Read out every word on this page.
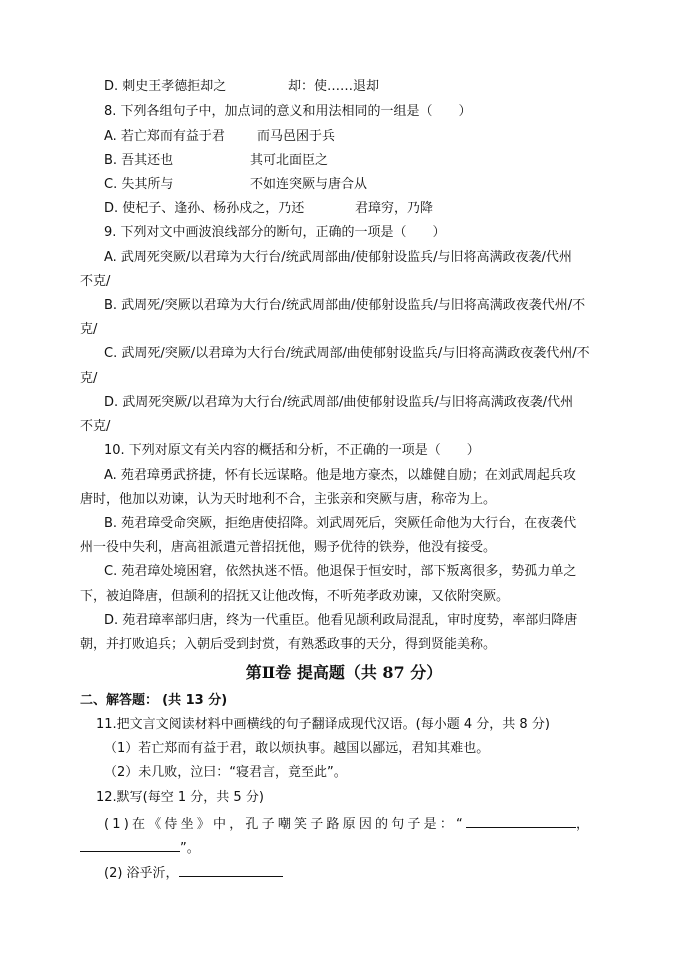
D. 刺史王孝德拒却之	却：使……退却
8. 下列各组句子中，加点词的意义和用法相同的一组是（　　）
A. 若亡郑而有益于君 而马邑困于兵
B. 吾其还也	其可北面臣之
C. 失其所与	不如连突厥与唐合从
D. 使杞子、逢孙、杨孙戍之，乃还	君璋穷，乃降
9. 下列对文中画波浪线部分的断句，正确的一项是（　　）
A. 武周死突厥/以君璋为大行台/统武周部曲/使郁射设监兵/与旧将高满政夜袭/代州
不克/
B. 武周死/突厥以君璋为大行台/统武周部曲/使郁射设监兵/与旧将高满政夜袭代州/不
克/
C. 武周死/突厥/以君璋为大行台/统武周部/曲使郁射设监兵/与旧将高满政夜袭代州/不
克/
D. 武周死突厥/以君璋为大行台/统武周部/曲使郁射设监兵/与旧将高满政夜袭/代州
不克/
10. 下列对原文有关内容的概括和分析，不正确的一项是（　　）
A. 苑君璋勇武挤捷，怀有长远谋略。他是地方豪杰，以雄健自励；在刘武周起兵攻
唐时，他加以劝谏，认为天时地利不合，主张亲和突厥与唐，称帝为上。
B. 苑君璋受命突厥，拒绝唐使招降。刘武周死后，突厥任命他为大行台，在夜袭代
州一役中失利，唐高祖派遣元普招抚他，赐予优待的铁券，他没有接受。
C. 苑君璋处境困窘，依然执迷不悟。他退保于恒安时，部下叛离很多，势孤力单之
下，被迫降唐，但颉利的招抚又让他改悔，不听苑孝政劝谏，又依附突厥。
D. 苑君璋率部归唐，终为一代重臣。他看见颉利政局混乱，审时度势，率部归降唐
朝，并打败追兵；入朝后受到封赏，有熟悉政事的天分，得到贤能美称。
第Ⅱ卷 提高题（共 87 分）
二、解答题： (共 13 分)
11.把文言文阅读材料中画横线的句子翻译成现代汉语。(每小题 4 分，共 8 分)
（1）若亡郑而有益于君，敢以烦执事。越国以鄙远，君知其难也。
（2）未几败，泣曰：“寝君言，竟至此”。
12.默写(每空 1 分，共 5 分)
(1)在《侍坐》中，孔子嘲笑子路原因的句子是：“	，
”。
(2) 浴乎沂，
